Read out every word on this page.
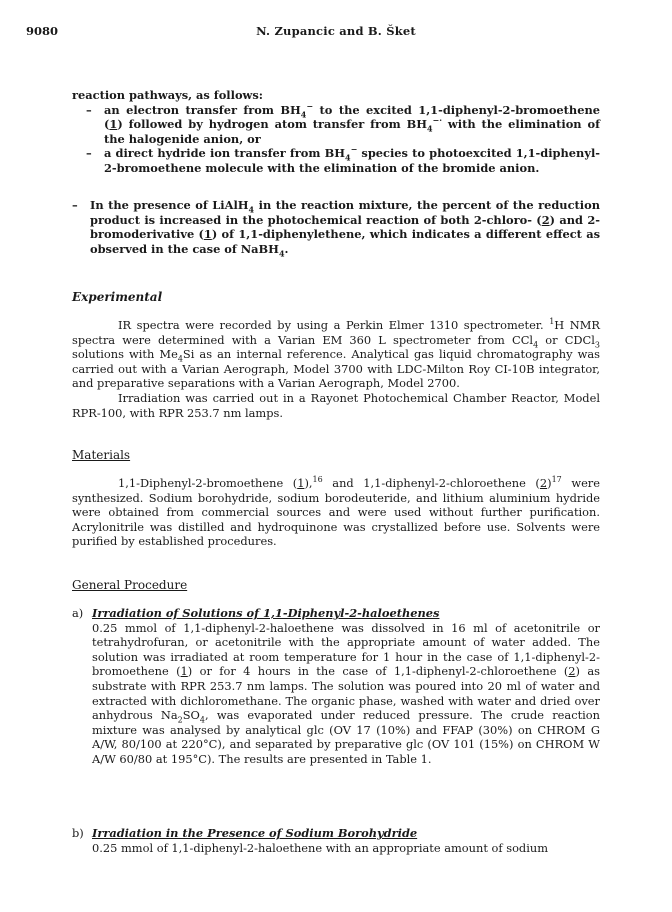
9080	N. Zupancic and B. Šket
reaction pathways, as follows:
– an electron transfer from $BH_4^-$ to the excited 1,1-diphenyl-2-bromoethene (1) followed by hydrogen atom transfer from $BH_4^{-\cdot}$ with the elimination of the halogenide anion, or
– a direct hydride ion transfer from $BH_4^-$ species to photoexcited 1,1-diphenyl-2-bromoethene molecule with the elimination of the bromide anion.
– In the presence of LiAlH$_4$ in the reaction mixture, the percent of the reduction product is increased in the photochemical reaction of both 2-chloro- (2) and 2-bromoderivative (1) of 1,1-diphenylethene, which indicates a different effect as observed in the case of NaBH$_4$.
Experimental
IR spectra were recorded by using a Perkin Elmer 1310 spectrometer. $^1$H NMR spectra were determined with a Varian EM 360 L spectrometer from CCl$_4$ or CDCl$_3$ solutions with $Me_4Si$ as an internal reference. Analytical gas liquid chromatography was carried out with a Varian Aerograph, Model 3700 with LDC-Milton Roy CI-10B integrator, and preparative separations with a Varian Aerograph, Model 2700.
Irradiation was carried out in a Rayonet Photochemical Chamber Reactor, Model RPR-100, with RPR 253.7 nm lamps.
Materials
1,1-Diphenyl-2-bromoethene (1),$^{16}$ and 1,1-diphenyl-2-chloroethene $(2)^{17}$ were synthesized. Sodium borohydride, sodium borodeuteride, and lithium aluminium hydride were obtained from commercial sources and were used without further purification. Acrylonitrile was distilled and hydroquinone was crystallized before use. Solvents were purified by established procedures.
General Procedure
a) Irradiation of Solutions of 1,1-Diphenyl-2-haloethenes
0.25 mmol of 1,1-diphenyl-2-haloethene was dissolved in 16 ml of acetonitrile or tetrahydrofuran, or acetonitrile with the appropriate amount of water added. The solution was irradiated at room temperature for 1 hour in the case of 1,1-diphenyl-2-bromoethene (1) or for 4 hours in the case of 1,1-diphenyl-2-chloroethene (2) as substrate with RPR 253.7 nm lamps. The solution was poured into 20 ml of water and extracted with dichloromethane. The organic phase, washed with water and dried over anhydrous $Na_2SO_4$, was evaporated under reduced pressure. The crude reaction mixture was analysed by analytical glc (OV 17 (10%) and FFAP (30%) on CHROM G A/W, 80/100 at 220°C), and separated by preparative glc (OV 101 (15%) on CHROM W A/W 60/80 at 195°C). The results are presented in Table 1.
b) Irradiation in the Presence of Sodium Borohydride
0.25 mmol of 1,1-diphenyl-2-haloethene with an appropriate amount of sodium
